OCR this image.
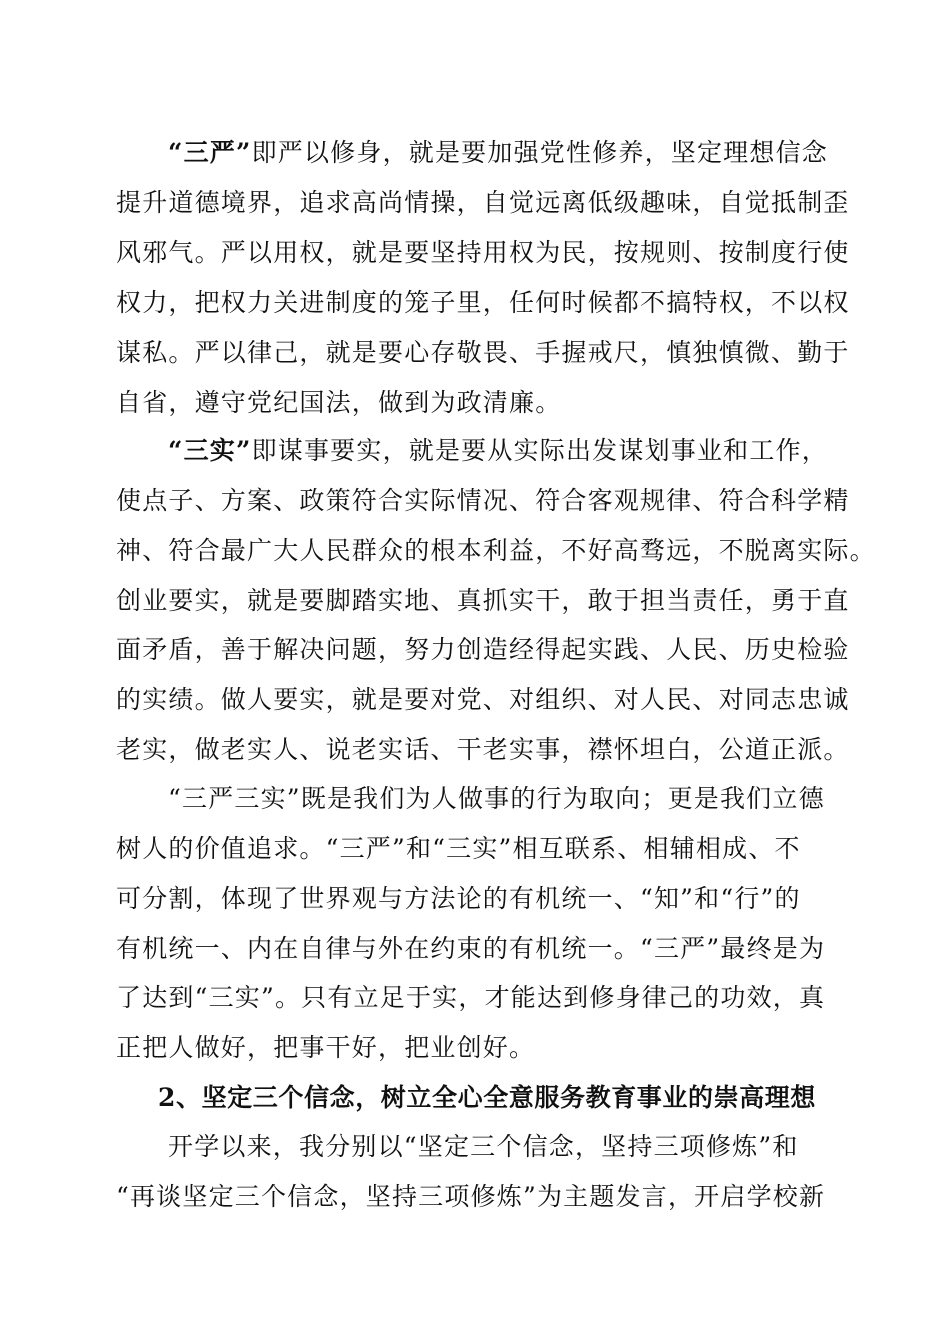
“三严”即严以修身，就是要加强党性修养，坚定理想信念
提升道德境界，追求高尚情操，自觉远离低级趣味，自觉抵制歪
风邪气。严以用权，就是要坚持用权为民，按规则、按制度行使
权力，把权力关进制度的笼子里，任何时候都不搞特权，不以权
谋私。严以律己，就是要心存敬畏、手握戒尺，慎独慎微、勤于
自省，遵守党纪国法，做到为政清廉。
“三实”即谋事要实，就是要从实际出发谋划事业和工作，
使点子、方案、政策符合实际情况、符合客观规律、符合科学精
神、符合最广大人民群众的根本利益，不好高骛远，不脱离实际。
创业要实，就是要脚踏实地、真抓实干，敢于担当责任，勇于直
面矛盾，善于解决问题，努力创造经得起实践、人民、历史检验
的实绩。做人要实，就是要对党、对组织、对人民、对同志忠诚
老实，做老实人、说老实话、干老实事，襟怀坦白，公道正派。
“三严三实”既是我们为人做事的行为取向；更是我们立德
树人的价值追求。“三严”和“三实”相互联系、相辅相成、不
可分割，体现了世界观与方法论的有机统一、“知”和“行”的
有机统一、内在自律与外在约束的有机统一。“三严”最终是为
了达到“三实”。只有立足于实，才能达到修身律己的功效，真
正把人做好，把事干好，把业创好。
2、坚定三个信念，树立全心全意服务教育事业的崇高理想
开学以来，我分别以“坚定三个信念，坚持三项修炼”和
“再谈坚定三个信念，坚持三项修炼”为主题发言，开启学校新
